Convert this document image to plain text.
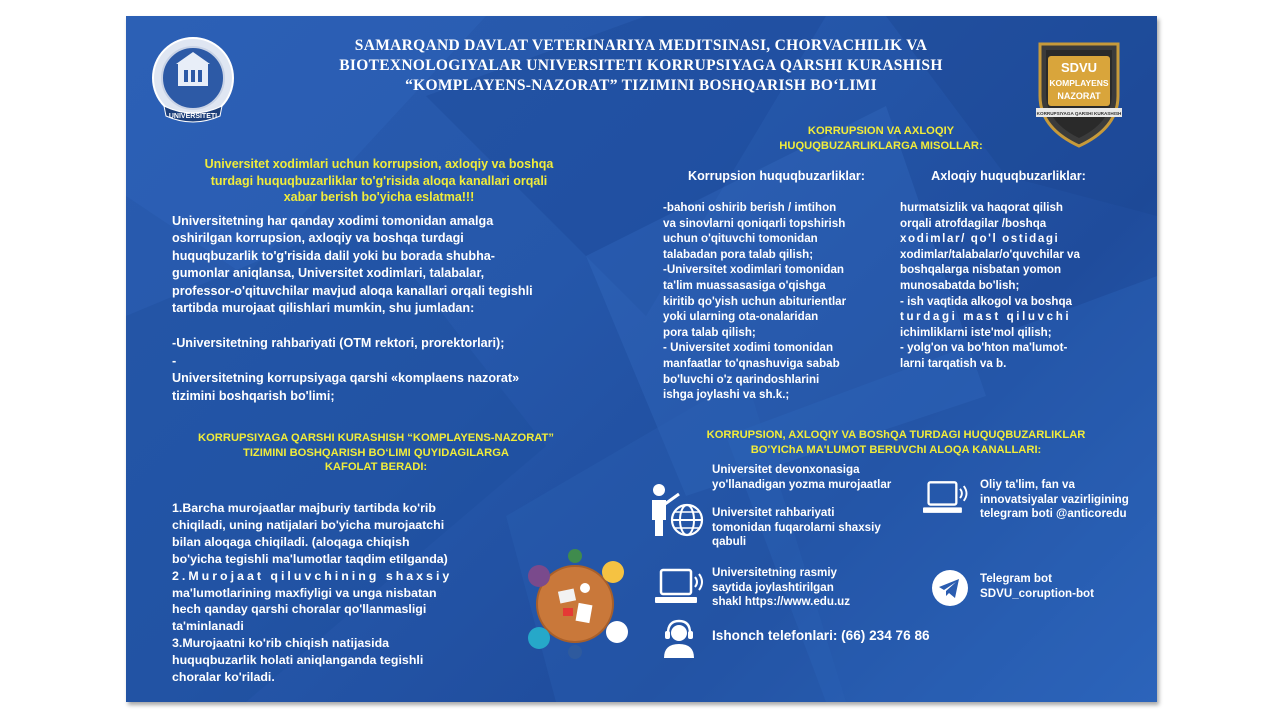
UNIVERSITETI
SDVU
KOMPLAYENS
NAZORAT
KORRUPSIYAGA QARSHI KURASHISH
SAMARQAND DAVLAT VETERINARIYA MEDITSINASI, CHORVACHILIK VA
BIOTEXNOLOGIYALAR UNIVERSITETI KORRUPSIYAGA QARSHI KURASHISH
“KOMPLAYENS-NAZORAT” TIZIMINI BOSHQARISH BO‘LIMI
Universitet xodimlari uchun korrupsion, axloqiy va boshqa
turdagi huquqbuzarliklar to'g'risida aloqa kanallari orqali
xabar berish bo'yicha eslatma!!!

Universitetning har qanday xodimi tomonidan amalga

oshirilgan korrupsion, axloqiy va boshqa turdagi

huquqbuzarlik to'g'risida dalil yoki bu borada shubha-

gumonlar aniqlansa, Universitet xodimlari, talabalar,

professor-o'qituvchilar mavjud aloqa kanallari orqali tegishli

tartibda murojaat qilishlari mumkin, shu jumladan:

-Universitetning rahbariyati (OTM rektori, prorektorlari);

-

Universitetning korrupsiyaga qarshi «komplaens nazorat»

tizimini boshqarish bo'limi;

KORRUPSIYAGA QARSHI KURASHISH “KOMPLAYENS-NAZORAT”
TIZIMINI BOSHQARISH BO‘LIMI QUYIDAGILARGA
KAFOLAT BERADI:
1.Barcha murojaatlar majburiy tartibda ko'rib
chiqiladi, uning natijalari bo'yicha murojaatchi
bilan aloqaga chiqiladi. (aloqaga chiqish
bo'yicha tegishli ma'lumotlar taqdim etilganda)
2.Murojaat qiluvchining shaxsiy
ma'lumotlarining maxfiyligi va unga nisbatan
hech qanday qarshi choralar qo'llanmasligi
ta'minlanadi
3.Murojaatni ko'rib chiqish natijasida
huquqbuzarlik holati aniqlanganda tegishli
choralar ko'riladi.
KORRUPSION VA AXLOQIY
HUQUQBUZARLIKLARGA MISOLLAR:
Korrupsion huquqbuzarliklar:
-bahoni oshirib berish / imtihon
va sinovlarni qoniqarli topshirish
uchun o'qituvchi tomonidan
talabadan pora talab qilish;
-Universitet xodimlari tomonidan
ta'lim muassasasiga o'qishga
kiritib qo'yish uchun abiturientlar
yoki ularning ota-onalaridan
pora talab qilish;
- Universitet xodimi tomonidan
manfaatlar to'qnashuviga sabab
bo'luvchi o'z qarindoshlarini
ishga joylashi va sh.k.;
Axloqiy huquqbuzarliklar:
hurmatsizlik va haqorat qilish
orqali atrofdagilar /boshqa
xodimlar/ qo'l ostidagi
xodimlar/talabalar/o'quvchilar va
boshqalarga nisbatan yomon
munosabatda bo'lish;
- ish vaqtida alkogol va boshqa
turdagi mast qiluvchi
ichimliklarni iste'mol qilish;
- yolg'on va bo'hton ma'lumot-
larni tarqatish va b.
KORRUPSION, AXLOQIY VA BOShQA TURDAGI HUQUQBUZARLIKLAR
BO'YIChA MA'LUMOT BERUVChI ALOQA KANALLARI:
Universitet devonxonasiga
yo'llanadigan yozma murojaatlar
Universitet rahbariyati
tomonidan fuqarolarni shaxsiy
qabuli
Universitetning rasmiy
saytida joylashtirilgan
shakl https://www.edu.uz
Ishonch telefonlari: (66) 234 76 86
Oliy ta'lim, fan va
innovatsiyalar vazirligining
telegram boti @anticoredu
Telegram bot
SDVU_coruption-bot
